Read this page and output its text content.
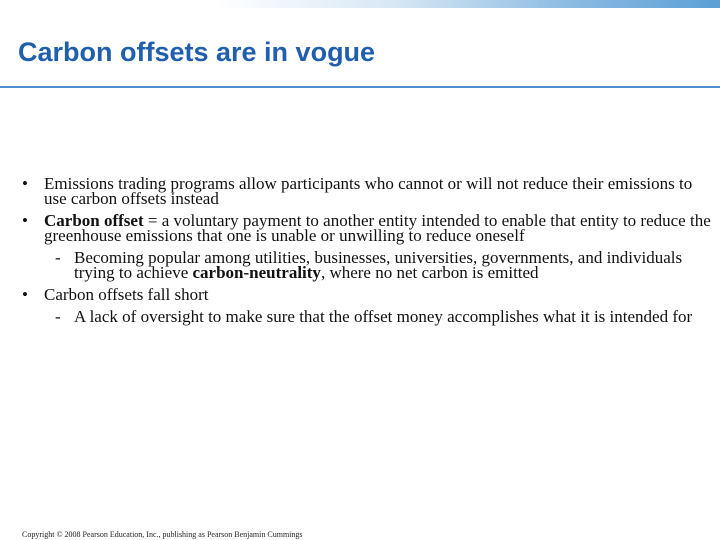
Carbon offsets are in vogue
• Emissions trading programs allow participants who cannot or will not reduce their emissions to use carbon offsets instead
• Carbon offset = a voluntary payment to another entity intended to enable that entity to reduce the greenhouse emissions that one is unable or unwilling to reduce oneself
- Becoming popular among utilities, businesses, universities, governments, and individuals trying to achieve carbon-neutrality, where no net carbon is emitted
• Carbon offsets fall short
- A lack of oversight to make sure that the offset money accomplishes what it is intended for
Copyright © 2008 Pearson Education, Inc., publishing as Pearson Benjamin Cummings
